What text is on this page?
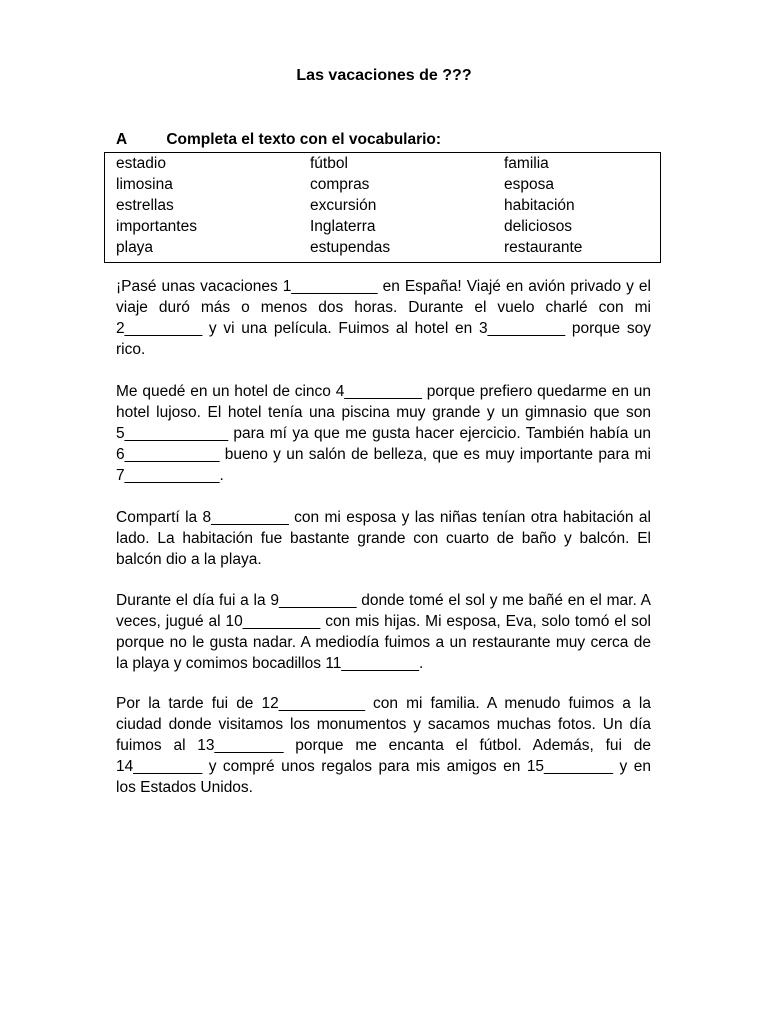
Las vacaciones de ???
A	Completa el texto con el vocabulario:
estadio
limosina
estrellas
importantes
playa
fútbol
compras
excursión
Inglaterra
estupendas
familia
esposa
habitación
deliciosos
restaurante

¡Pasé unas vacaciones 1__________ en España! Viajé en avión privado y el viaje duró más o menos dos horas. Durante el vuelo charlé con mi 2_________ y vi una película. Fuimos al hotel en 3_________ porque soy rico.

Me quedé en un hotel de cinco 4_________ porque prefiero quedarme en un hotel lujoso. El hotel tenía una piscina muy grande y un gimnasio que son 5____________ para mí ya que me gusta hacer ejercicio. También había un 6___________ bueno y un salón de belleza, que es muy importante para mi 7___________.

Compartí la 8_________ con mi esposa y las niñas tenían otra habitación al lado. La habitación fue bastante grande con cuarto de baño y balcón. El balcón dio a la playa.

Durante el día fui a la 9_________ donde tomé el sol y me bañé en el mar. A veces, jugué al 10_________ con mis hijas. Mi esposa, Eva, solo tomó el sol porque no le gusta nadar. A mediodía fuimos a un restaurante muy cerca de la playa y comimos bocadillos 11_________.

Por la tarde fui de 12__________ con mi familia. A menudo fuimos a la ciudad donde visitamos los monumentos y sacamos muchas fotos. Un día fuimos al 13________ porque me encanta el fútbol. Además, fui de 14________ y compré unos regalos para mis amigos en 15________ y en los Estados Unidos.
